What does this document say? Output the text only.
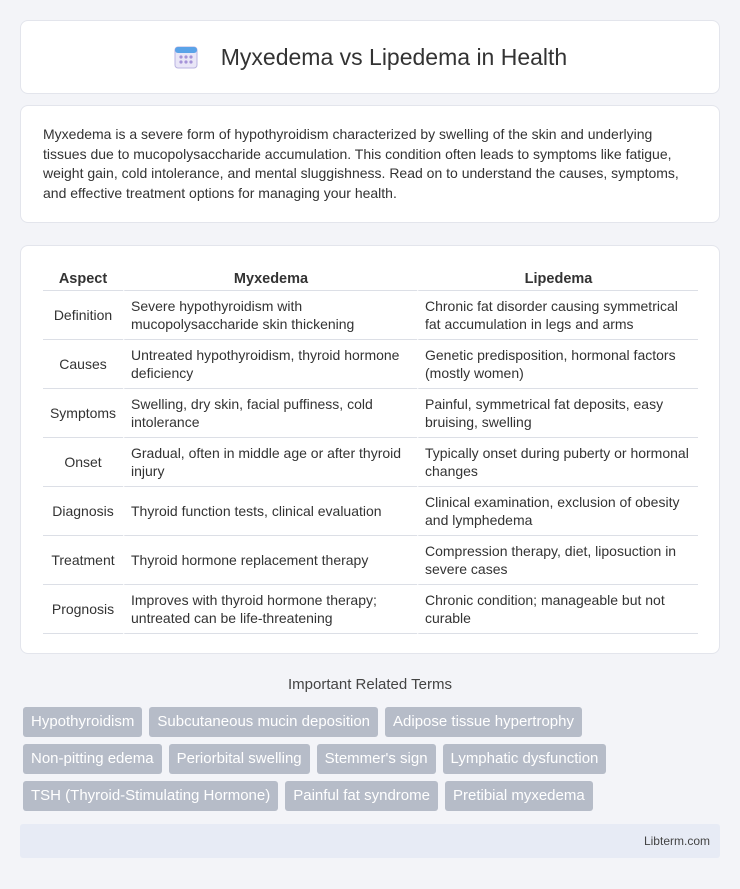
Myxedema vs Lipedema in Health

Myxedema is a severe form of hypothyroidism characterized by swelling of the skin and underlying tissues due to mucopolysaccharide accumulation. This condition often leads to symptoms like fatigue, weight gain, cold intolerance, and mental sluggishness. Read on to understand the causes, symptoms, and effective treatment options for managing your health.

Aspect	Myxedema	Lipedema
Definition	Severe hypothyroidism with mucopolysaccharide skin thickening	Chronic fat disorder causing symmetrical fat accumulation in legs and arms
Causes	Untreated hypothyroidism, thyroid hormone deficiency	Genetic predisposition, hormonal factors (mostly women)
Symptoms	Swelling, dry skin, facial puffiness, cold intolerance	Painful, symmetrical fat deposits, easy bruising, swelling
Onset	Gradual, often in middle age or after thyroid injury	Typically onset during puberty or hormonal changes
Diagnosis	Thyroid function tests, clinical evaluation	Clinical examination, exclusion of obesity and lymphedema
Treatment	Thyroid hormone replacement therapy	Compression therapy, diet, liposuction in severe cases
Prognosis	Improves with thyroid hormone therapy; untreated can be life-threatening	Chronic condition; manageable but not curable
Important Related Terms
Hypothyroidism	Subcutaneous mucin deposition	Adipose tissue hypertrophy
Non-pitting edema	Periorbital swelling	Stemmer's sign	Lymphatic dysfunction
TSH (Thyroid-Stimulating Hormone)	Painful fat syndrome	Pretibial myxedema
Libterm.com
